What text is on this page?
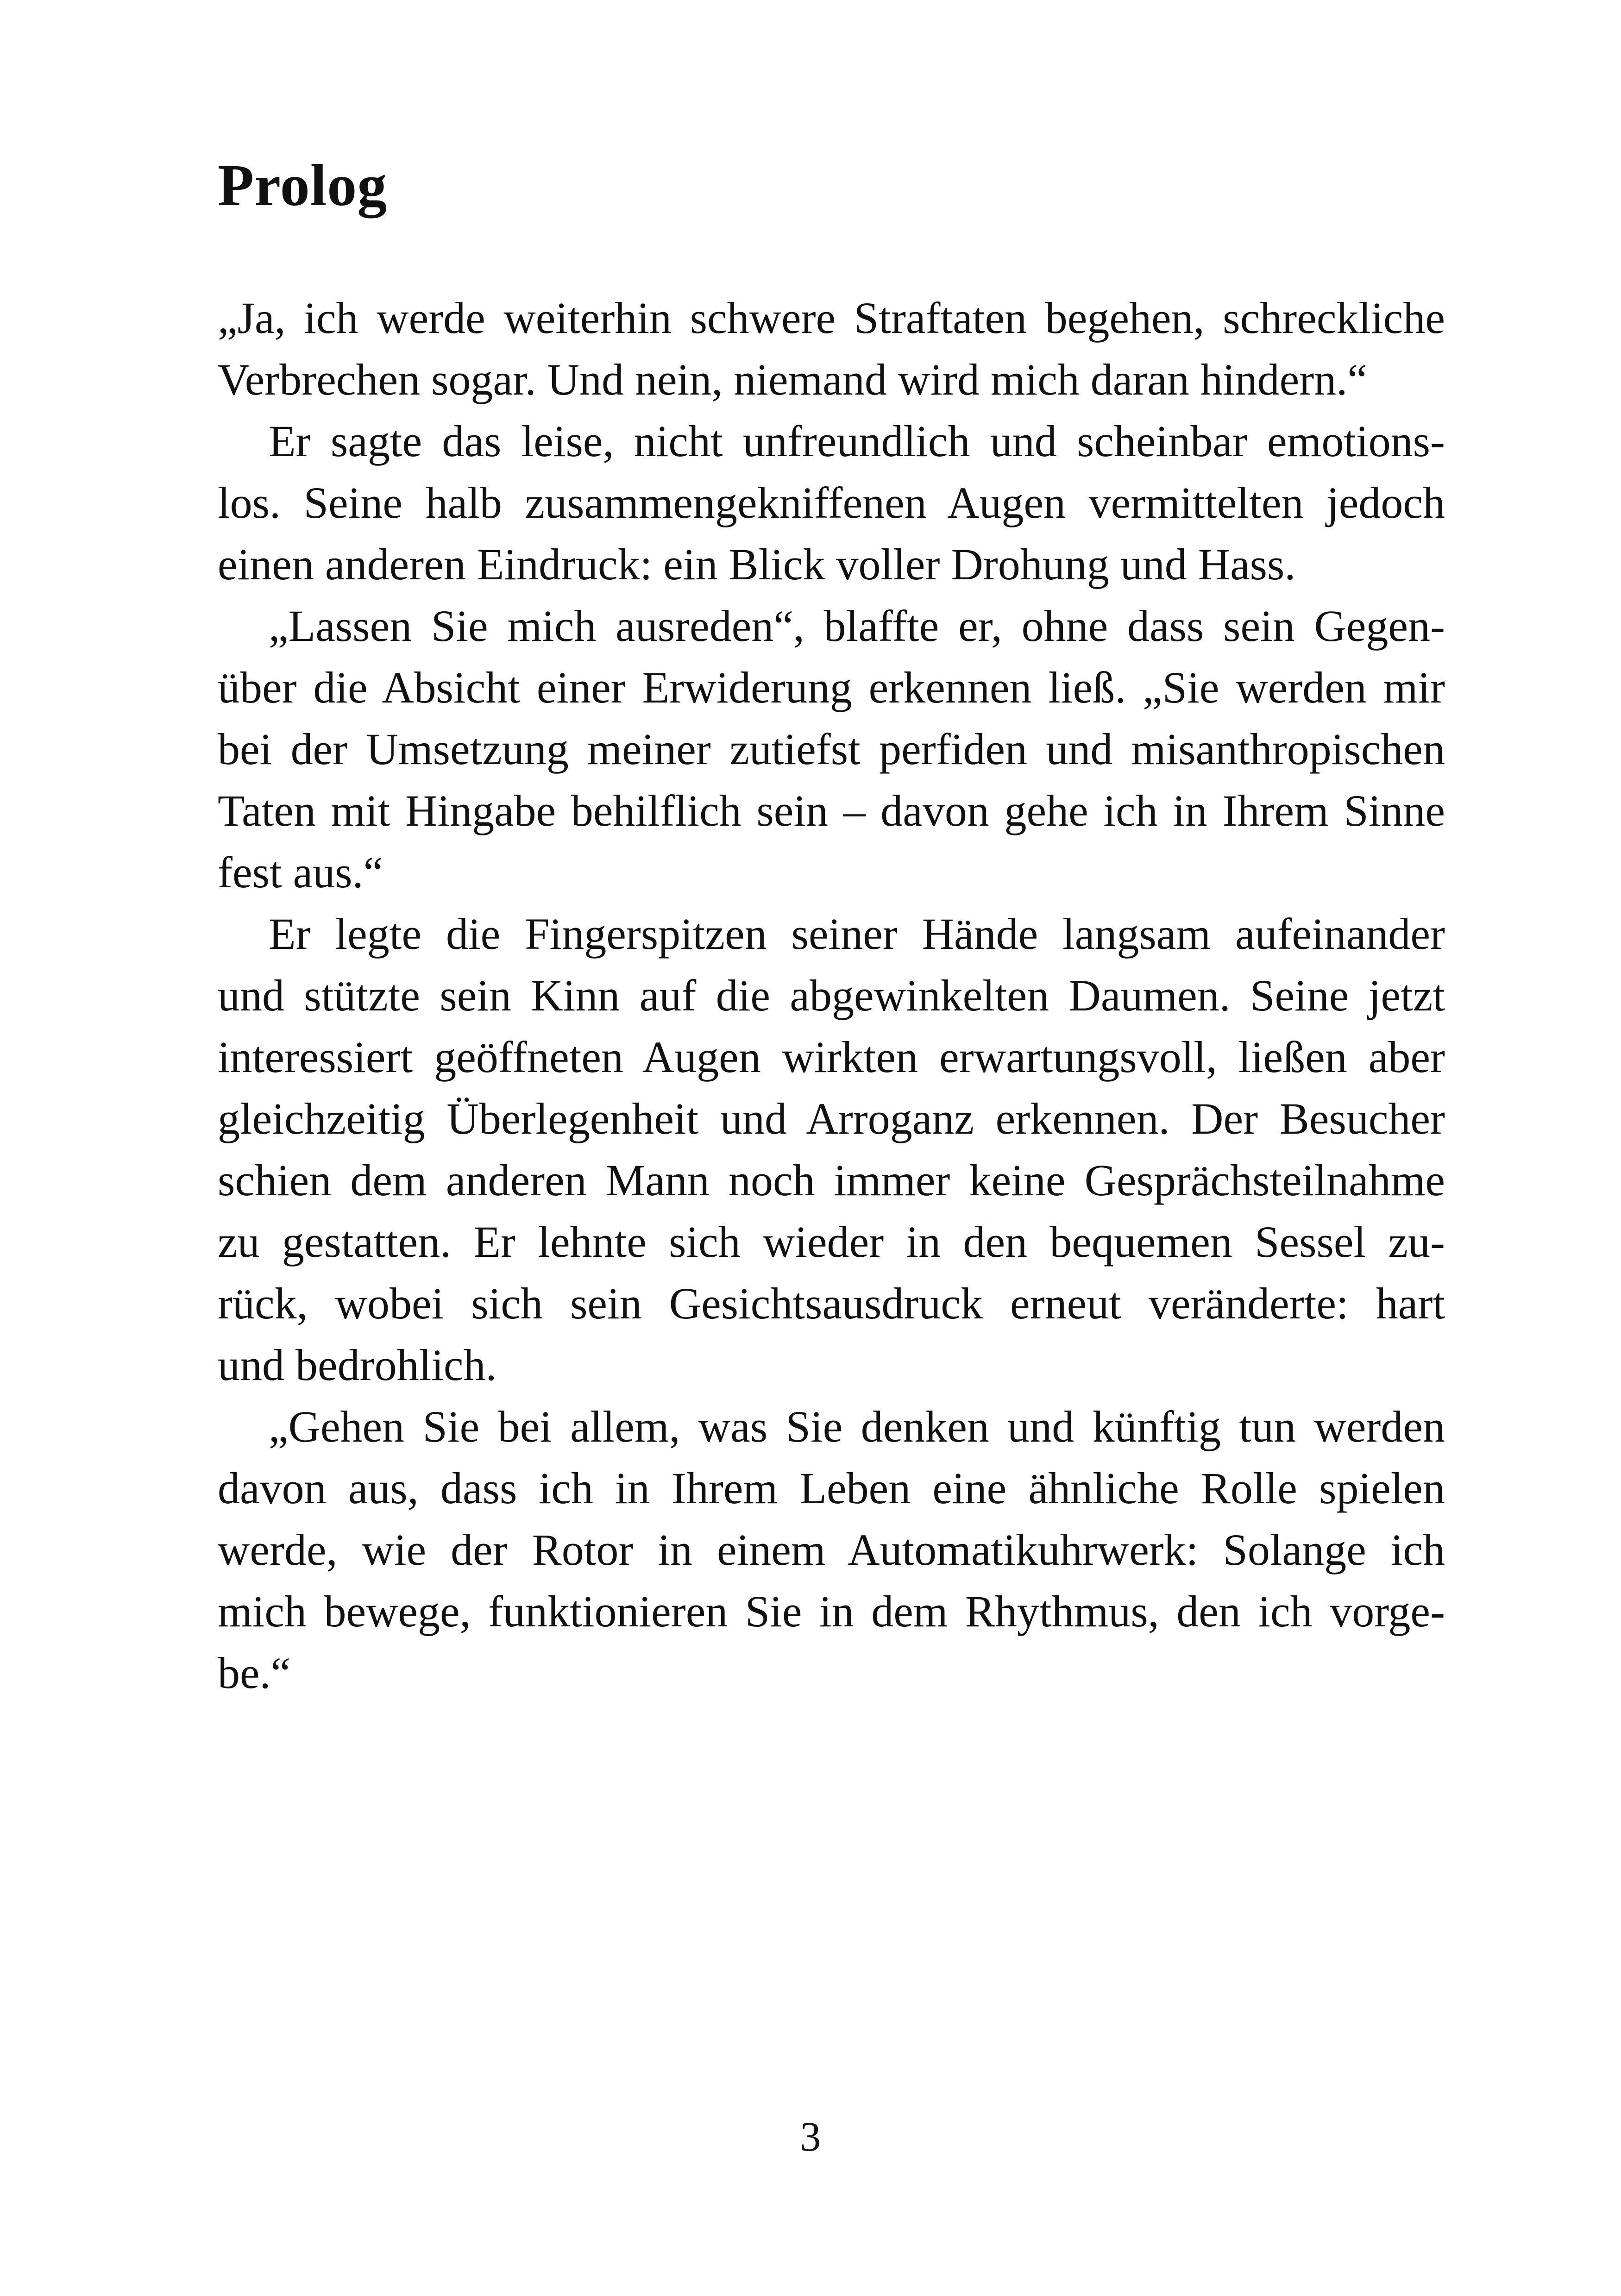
Prolog
„Ja, ich werde weiterhin schwere Straftaten begehen, schreckliche
Verbrechen sogar. Und nein, niemand wird mich daran hindern.“
Er sagte das leise, nicht unfreundlich und scheinbar emotions-
los. Seine halb zusammengekniffenen Augen vermittelten jedoch
einen anderen Eindruck: ein Blick voller Drohung und Hass.
„Lassen Sie mich ausreden“, blaffte er, ohne dass sein Gegen-
über die Absicht einer Erwiderung erkennen ließ. „Sie werden mir
bei der Umsetzung meiner zutiefst perfiden und misanthropischen
Taten mit Hingabe behilflich sein – davon gehe ich in Ihrem Sinne
fest aus.“
Er legte die Fingerspitzen seiner Hände langsam aufeinander
und stützte sein Kinn auf die abgewinkelten Daumen. Seine jetzt
interessiert geöffneten Augen wirkten erwartungsvoll, ließen aber
gleichzeitig Überlegenheit und Arroganz erkennen. Der Besucher
schien dem anderen Mann noch immer keine Gesprächsteilnahme
zu gestatten. Er lehnte sich wieder in den bequemen Sessel zu-
rück, wobei sich sein Gesichtsausdruck erneut veränderte: hart
und bedrohlich.
„Gehen Sie bei allem, was Sie denken und künftig tun werden
davon aus, dass ich in Ihrem Leben eine ähnliche Rolle spielen
werde, wie der Rotor in einem Automatikuhrwerk: Solange ich
mich bewege, funktionieren Sie in dem Rhythmus, den ich vorge-
be.“
3
